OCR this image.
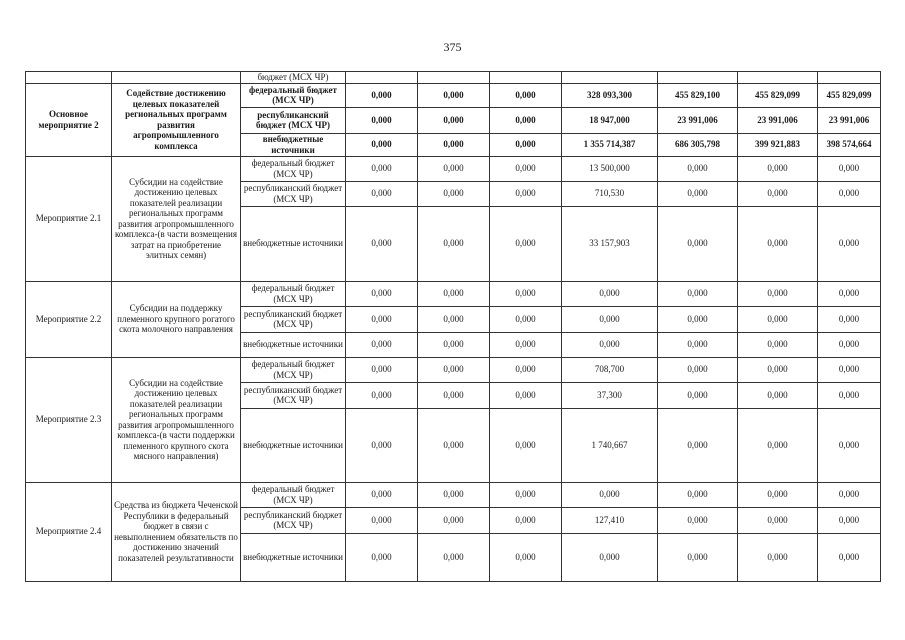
375
		бюджет (МСХ ЧР)							
Основное мероприятие 2	Содействие достижению целевых показателей региональных программ развития агропромышленного комплекса	федеральный бюджет (МСХ ЧР)	0,000	0,000	0,000	328 093,300	455 829,100	455 829,099	455 829,099
		республиканский бюджет (МСХ ЧР)	0,000	0,000	0,000	18 947,000	23 991,006	23 991,006	23 991,006
		внебюджетные источники	0,000	0,000	0,000	1 355 714,387	686 305,798	399 921,883	398 574,664
Мероприятие 2.1	Субсидии на содействие достижению целевых показателей реализации региональных программ развития агропромышленного комплекса-(в части возмещения затрат на приобретение элитных семян)	федеральный бюджет (МСХ ЧР)	0,000	0,000	0,000	13 500,000	0,000	0,000	0,000
		республиканский бюджет (МСХ ЧР)	0,000	0,000	0,000	710,530	0,000	0,000	0,000
		внебюджетные источники	0,000	0,000	0,000	33 157,903	0,000	0,000	0,000
Мероприятие 2.2	Субсидии на поддержку племенного крупного рогатого скота молочного направления	федеральный бюджет (МСХ ЧР)	0,000	0,000	0,000	0,000	0,000	0,000	0,000
		республиканский бюджет (МСХ ЧР)	0,000	0,000	0,000	0,000	0,000	0,000	0,000
		внебюджетные источники	0,000	0,000	0,000	0,000	0,000	0,000	0,000
Мероприятие 2.3	Субсидии на содействие достижению целевых показателей реализации региональных программ развития агропромышленного комплекса-(в части поддержки племенного крупного скота мясного направления)	федеральный бюджет (МСХ ЧР)	0,000	0,000	0,000	708,700	0,000	0,000	0,000
		республиканский бюджет (МСХ ЧР)	0,000	0,000	0,000	37,300	0,000	0,000	0,000
		внебюджетные источники	0,000	0,000	0,000	1 740,667	0,000	0,000	0,000
Мероприятие 2.4	Средства из бюджета Чеченской Республики в федеральный бюджет в связи с невыполнением обязательств по достижению значений показателей результативности	федеральный бюджет (МСХ ЧР)	0,000	0,000	0,000	0,000	0,000	0,000	0,000
		республиканский бюджет (МСХ ЧР)	0,000	0,000	0,000	127,410	0,000	0,000	0,000
		внебюджетные источники	0,000	0,000	0,000	0,000	0,000	0,000	0,000
